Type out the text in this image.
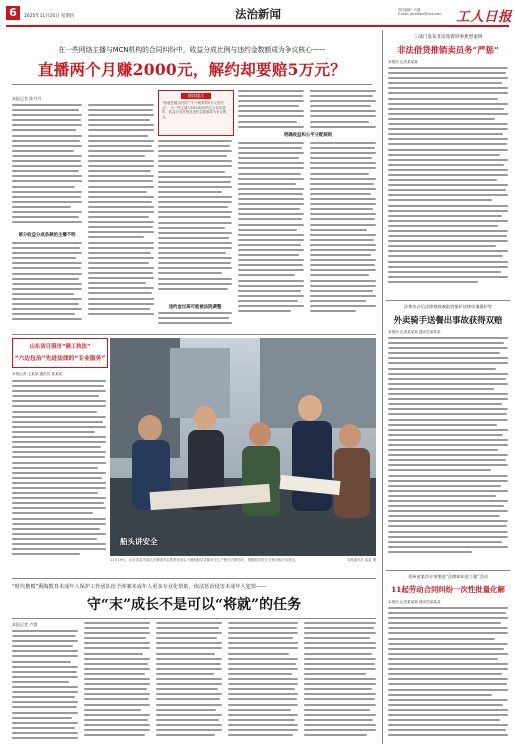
6	2025年11月20日 星期四	法治新闻	责任编辑：卢越
E-mail: grrbfzxw@sina.com 工人日报
在一些网络主播与MCN机构的合同纠纷中，收益分成比例与违约金数额成为争议核心——
直播两个月赚2000元，解约却要赔5万元？
本报记者 陈丹丹
阅读提示
“我就是播卖货的”“不干就要赔5万元违约金”，当一些主播与MCN机构约定合同条款时，收益分成比例及违约金数额成为争议焦点。
部分收益分成条款的主播不明
违约金过高可能被法院调整
明确收益和公平分配规则
山东省日照市“港工执法”
“六边包治”先进法律的“专业服务”
本报记者 王某某 通讯员 某某某
船头讲安全
11月19日，山东省某市某区法律服务志愿者在码头为渔船船员讲解安全生产相关法律知识，增强船员的安全意识和法治观念。	本报通讯员 某某 摄
“时代楷模”熏陶教育未成年人保护工作团队给予涉案未成年人更多专业化帮助，依法惩治侵害未成年人犯罪——
守“末”成长不是可以“将就”的任务
本报记者 卢越
三部门发布非法集资刑事典型案例
非法借贷推销卖员务“严惩”
本报讯 记者某某某
法律出台后法律规规被取消保护法律申请保护等
外卖骑手送餐出事故获得双赔
本报讯 记者某某某 通讯员某某某
贵州省某市专项推进“法律知识进工地”活动
11起劳动合同纠纷一次性批量化解
本报讯 记者某某某 通讯员某某某
